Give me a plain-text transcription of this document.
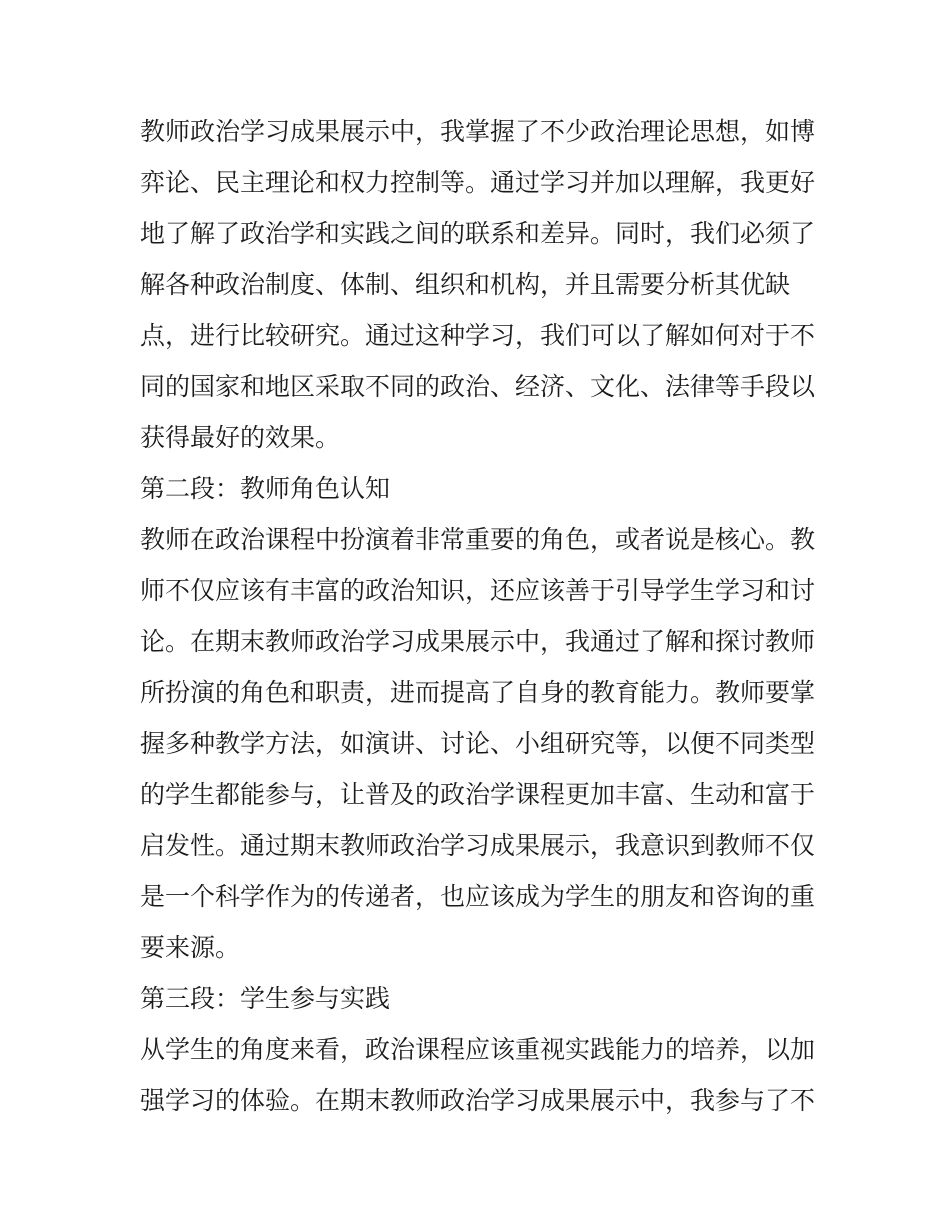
教师政治学习成果展示中，我掌握了不少政治理论思想，如博
弈论、民主理论和权力控制等。通过学习并加以理解，我更好
地了解了政治学和实践之间的联系和差异。同时，我们必须了
解各种政治制度、体制、组织和机构，并且需要分析其优缺
点，进行比较研究。通过这种学习，我们可以了解如何对于不
同的国家和地区采取不同的政治、经济、文化、法律等手段以
获得最好的效果。
第二段：教师角色认知
教师在政治课程中扮演着非常重要的角色，或者说是核心。教
师不仅应该有丰富的政治知识，还应该善于引导学生学习和讨
论。在期末教师政治学习成果展示中，我通过了解和探讨教师
所扮演的角色和职责，进而提高了自身的教育能力。教师要掌
握多种教学方法，如演讲、讨论、小组研究等，以便不同类型
的学生都能参与，让普及的政治学课程更加丰富、生动和富于
启发性。通过期末教师政治学习成果展示，我意识到教师不仅
是一个科学作为的传递者，也应该成为学生的朋友和咨询的重
要来源。
第三段：学生参与实践
从学生的角度来看，政治课程应该重视实践能力的培养，以加
强学习的体验。在期末教师政治学习成果展示中，我参与了不
